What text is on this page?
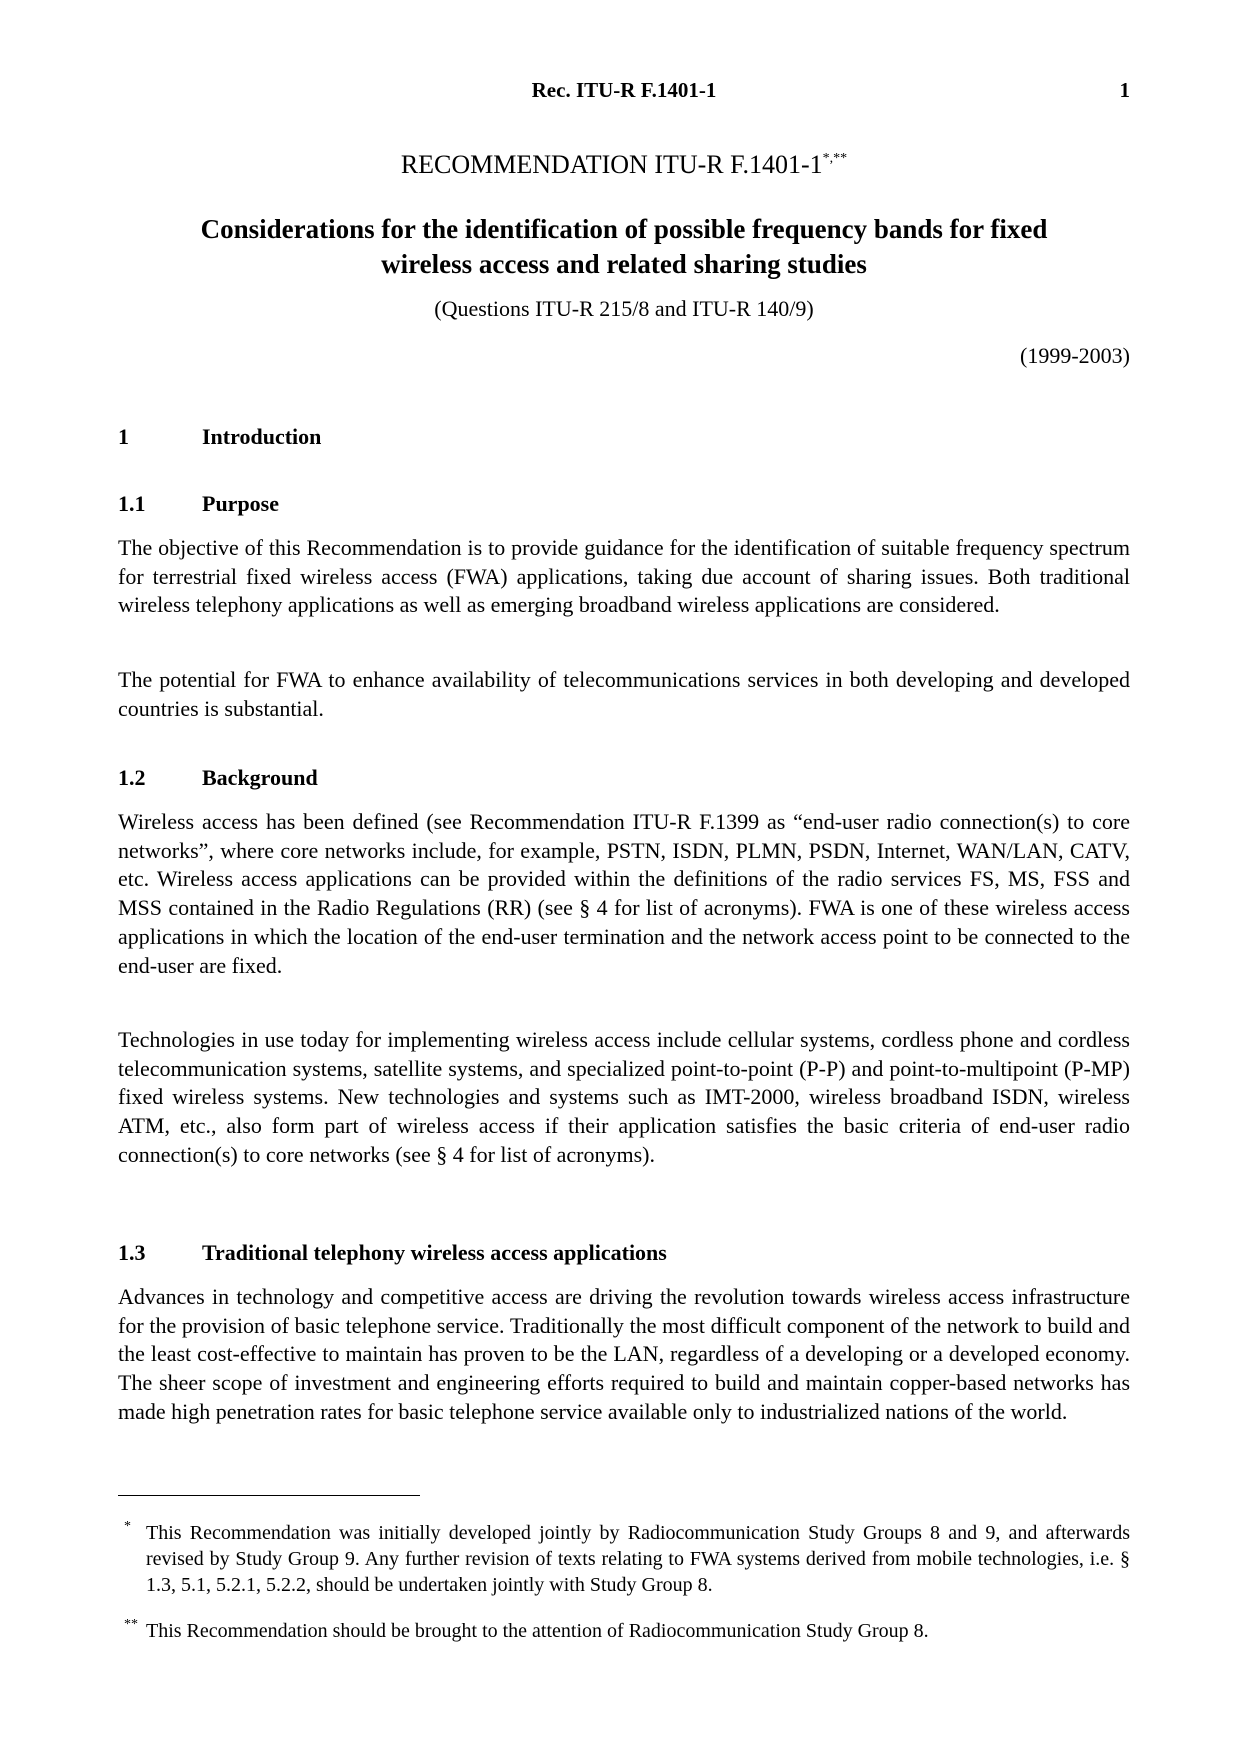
Rec. ITU-R F.1401-1	1
RECOMMENDATION ITU-R F.1401-1*,**
Considerations for the identification of possible frequency bands for fixed
wireless access and related sharing studies
(Questions ITU-R 215/8 and ITU-R 140/9)
(1999-2003)
1	Introduction
1.1	Purpose

The objective of this Recommendation is to provide guidance for the identification of suitable frequency spectrum for terrestrial fixed wireless access (FWA) applications, taking due account of sharing issues. Both traditional wireless telephony applications as well as emerging broadband wireless applications are considered.

The potential for FWA to enhance availability of telecommunications services in both developing and developed countries is substantial.

1.2	Background

Wireless access has been defined (see Recommendation ITU-R F.1399 as “end-user radio connection(s) to core networks”, where core networks include, for example, PSTN, ISDN, PLMN, PSDN, Internet, WAN/LAN, CATV, etc. Wireless access applications can be provided within the definitions of the radio services FS, MS, FSS and MSS contained in the Radio Regulations (RR) (see § 4 for list of acronyms). FWA is one of these wireless access applications in which the location of the end-user termination and the network access point to be connected to the end-user are fixed.

Technologies in use today for implementing wireless access include cellular systems, cordless phone and cordless telecommunication systems, satellite systems, and specialized point-to-point (P-P) and point-to-multipoint (P-MP) fixed wireless systems. New technologies and systems such as IMT-2000, wireless broadband ISDN, wireless ATM, etc., also form part of wireless access if their application satisfies the basic criteria of end-user radio connection(s) to core networks (see § 4 for list of acronyms).

1.3	Traditional telephony wireless access applications

Advances in technology and competitive access are driving the revolution towards wireless access infrastructure for the provision of basic telephone service. Traditionally the most difficult component of the network to build and the least cost-effective to maintain has proven to be the LAN, regardless of a developing or a developed economy. The sheer scope of investment and engineering efforts required to build and maintain copper-based networks has made high penetration rates for basic telephone service available only to industrialized nations of the world.

* This Recommendation was initially developed jointly by Radiocommunication Study Groups 8 and 9, and afterwards revised by Study Group 9. Any further revision of texts relating to FWA systems derived from mobile technologies, i.e. § 1.3, 5.1, 5.2.1, 5.2.2, should be undertaken jointly with Study Group 8.
** This Recommendation should be brought to the attention of Radiocommunication Study Group 8.
